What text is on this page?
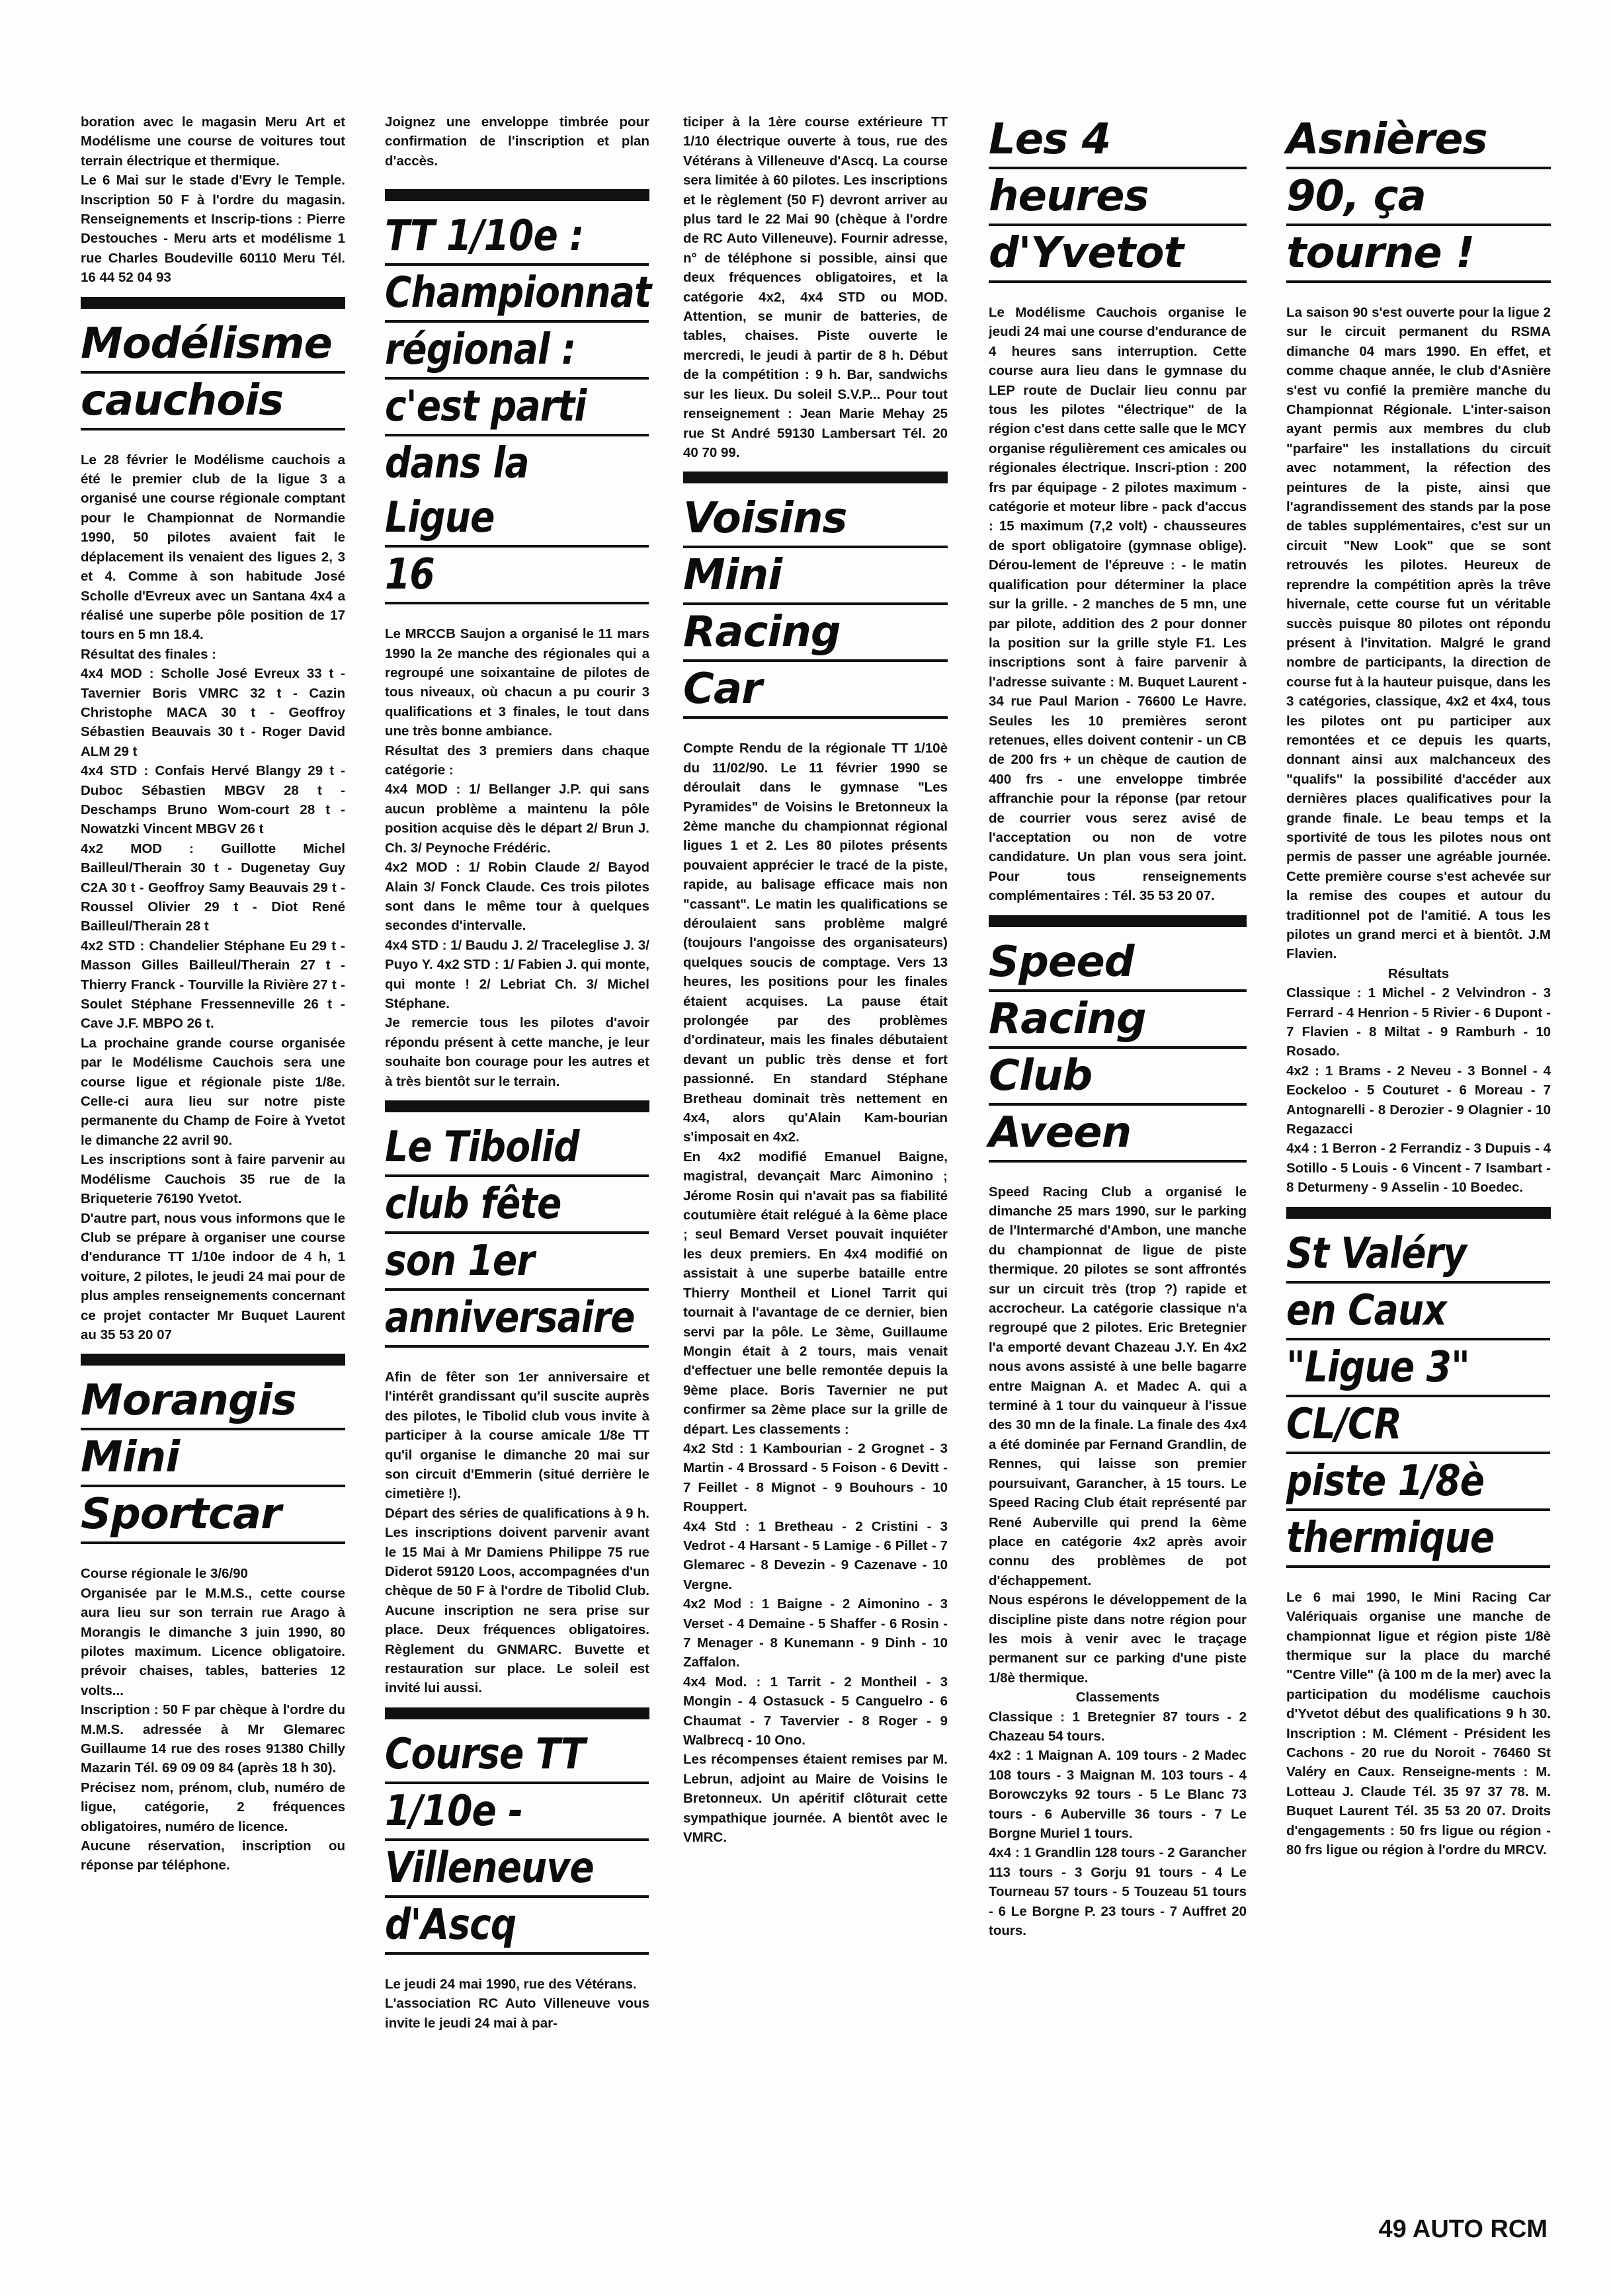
boration avec le magasin Meru Art et Modélisme une course de voitures tout terrain électrique et thermique.
Le 6 Mai sur le stade d'Evry le Temple. Inscription 50 F à l'ordre du magasin. Renseignements et Inscrip-tions : Pierre Destouches - Meru arts et modélisme 1 rue Charles Boudeville 60110 Meru Tél. 16 44 52 04 93

Modélisme
cauchois

Le 28 février le Modélisme cauchois a été le premier club de la ligue 3 a organisé une course régionale comptant pour le Championnat de Normandie 1990, 50 pilotes avaient fait le déplacement ils venaient des ligues 2, 3 et 4. Comme à son habitude José Scholle d'Evreux avec un Santana 4x4 a réalisé une superbe pôle position de 17 tours en 5 mn 18.4.
Résultat des finales :
4x4 MOD : Scholle José Evreux 33 t - Tavernier Boris VMRC 32 t - Cazin Christophe MACA 30 t - Geoffroy Sébastien Beauvais 30 t - Roger David ALM 29 t
4x4 STD : Confais Hervé Blangy 29 t - Duboc Sébastien MBGV 28 t - Deschamps Bruno Wom-court 28 t - Nowatzki Vincent MBGV 26 t
4x2 MOD : Guillotte Michel Bailleul/Therain 30 t - Dugenetay Guy C2A 30 t - Geoffroy Samy Beauvais 29 t - Roussel Olivier 29 t - Diot René Bailleul/Therain 28 t
4x2 STD : Chandelier Stéphane Eu 29 t - Masson Gilles Bailleul/Therain 27 t - Thierry Franck - Tourville la Rivière 27 t - Soulet Stéphane Fressenneville 26 t - Cave J.F. MBPO 26 t.
La prochaine grande course organisée par le Modélisme Cauchois sera une course ligue et régionale piste 1/8e. Celle-ci aura lieu sur notre piste permanente du Champ de Foire à Yvetot le dimanche 22 avril 90.
Les inscriptions sont à faire parvenir au Modélisme Cauchois 35 rue de la Briqueterie 76190 Yvetot.
D'autre part, nous vous informons que le Club se prépare à organiser une course d'endurance TT 1/10e indoor de 4 h, 1 voiture, 2 pilotes, le jeudi 24 mai pour de plus amples renseignements concernant ce projet contacter Mr Buquet Laurent au 35 53 20 07

Morangis
Mini
Sportcar

Course régionale le 3/6/90
Organisée par le M.M.S., cette course aura lieu sur son terrain rue Arago à Morangis le dimanche 3 juin 1990, 80 pilotes maximum. Licence obligatoire. prévoir chaises, tables, batteries 12 volts...
Inscription : 50 F par chèque à l'ordre du M.M.S. adressée à Mr Glemarec Guillaume 14 rue des roses 91380 Chilly Mazarin Tél. 69 09 09 84 (après 18 h 30).
Précisez nom, prénom, club, numéro de ligue, catégorie, 2 fréquences obligatoires, numéro de licence.
Aucune réservation, inscription ou réponse par téléphone.

Joignez une enveloppe timbrée pour confirmation de l'inscription et plan d'accès.

TT 1/10e :
Championnat
régional :
c'est parti
dans la Ligue
16

Le MRCCB Saujon a organisé le 11 mars 1990 la 2e manche des régionales qui a regroupé une soixantaine de pilotes de tous niveaux, où chacun a pu courir 3 qualifications et 3 finales, le tout dans une très bonne ambiance.
Résultat des 3 premiers dans chaque catégorie :
4x4 MOD : 1/ Bellanger J.P. qui sans aucun problème a maintenu la pôle position acquise dès le départ 2/ Brun J. Ch. 3/ Peynoche Frédéric.
4x2 MOD : 1/ Robin Claude 2/ Bayod Alain 3/ Fonck Claude. Ces trois pilotes sont dans le même tour à quelques secondes d'intervalle.
4x4 STD : 1/ Baudu J. 2/ Traceleglise J. 3/ Puyo Y. 4x2 STD : 1/ Fabien J. qui monte, qui monte ! 2/ Lebriat Ch. 3/ Michel Stéphane.
Je remercie tous les pilotes d'avoir répondu présent à cette manche, je leur souhaite bon courage pour les autres et à très bientôt sur le terrain.

Le Tibolid
club fête
son 1er
anniversaire

Afin de fêter son 1er anniversaire et l'intérêt grandissant qu'il suscite auprès des pilotes, le Tibolid club vous invite à participer à la course amicale 1/8e TT qu'il organise le dimanche 20 mai sur son circuit d'Emmerin (situé derrière le cimetière !).
Départ des séries de qualifications à 9 h. Les inscriptions doivent parvenir avant le 15 Mai à Mr Damiens Philippe 75 rue Diderot 59120 Loos, accompagnées d'un chèque de 50 F à l'ordre de Tibolid Club. Aucune inscription ne sera prise sur place. Deux fréquences obligatoires. Règlement du GNMARC. Buvette et restauration sur place. Le soleil est invité lui aussi.

Course TT
1/10e -
Villeneuve
d'Ascq

Le jeudi 24 mai 1990, rue des Vétérans.
L'association RC Auto Villeneuve vous invite le jeudi 24 mai à par-

ticiper à la 1ère course extérieure TT 1/10 électrique ouverte à tous, rue des Vétérans à Villeneuve d'Ascq. La course sera limitée à 60 pilotes. Les inscriptions et le règlement (50 F) devront arriver au plus tard le 22 Mai 90 (chèque à l'ordre de RC Auto Villeneuve). Fournir adresse, n° de téléphone si possible, ainsi que deux fréquences obligatoires, et la catégorie 4x2, 4x4 STD ou MOD. Attention, se munir de batteries, de tables, chaises. Piste ouverte le mercredi, le jeudi à partir de 8 h. Début de la compétition : 9 h. Bar, sandwichs sur les lieux. Du soleil S.V.P... Pour tout renseignement : Jean Marie Mehay 25 rue St André 59130 Lambersart Tél. 20 40 70 99.

Voisins
Mini
Racing
Car

Compte Rendu de la régionale TT 1/10è du 11/02/90. Le 11 février 1990 se déroulait dans le gymnase "Les Pyramides" de Voisins le Bretonneux la 2ème manche du championnat régional ligues 1 et 2. Les 80 pilotes présents pouvaient apprécier le tracé de la piste, rapide, au balisage efficace mais non "cassant". Le matin les qualifications se déroulaient sans problème malgré (toujours l'angoisse des organisateurs) quelques soucis de comptage. Vers 13 heures, les positions pour les finales étaient acquises. La pause était prolongée par des problèmes d'ordinateur, mais les finales débutaient devant un public très dense et fort passionné. En standard Stéphane Bretheau dominait très nettement en 4x4, alors qu'Alain Kam-bourian s'imposait en 4x2.
En 4x2 modifié Emanuel Baigne, magistral, devançait Marc Aimonino ; Jérome Rosin qui n'avait pas sa fiabilité coutumière était relégué à la 6ème place ; seul Bemard Verset pouvait inquiéter les deux premiers. En 4x4 modifié on assistait à une superbe bataille entre Thierry Montheil et Lionel Tarrit qui tournait à l'avantage de ce dernier, bien servi par la pôle. Le 3ème, Guillaume Mongin était à 2 tours, mais venait d'effectuer une belle remontée depuis la 9ème place. Boris Tavernier ne put confirmer sa 2ème place sur la grille de départ. Les classements :
4x2 Std : 1 Kambourian - 2 Grognet - 3 Martin - 4 Brossard - 5 Foison - 6 Devitt - 7 Feillet - 8 Mignot - 9 Bouhours - 10 Rouppert.
4x4 Std : 1 Bretheau - 2 Cristini - 3 Vedrot - 4 Harsant - 5 Lamige - 6 Pillet - 7 Glemarec - 8 Devezin - 9 Cazenave - 10 Vergne.
4x2 Mod : 1 Baigne - 2 Aimonino - 3 Verset - 4 Demaine - 5 Shaffer - 6 Rosin - 7 Menager - 8 Kunemann - 9 Dinh - 10 Zaffalon.
4x4 Mod. : 1 Tarrit - 2 Montheil - 3 Mongin - 4 Ostasuck - 5 Canguelro - 6 Chaumat - 7 Tavervier - 8 Roger - 9 Walbrecq - 10 Ono.
Les récompenses étaient remises par M. Lebrun, adjoint au Maire de Voisins le Bretonneux. Un apéritif clôturait cette sympathique journée. A bientôt avec le VMRC.

Les 4
heures
d'Yvetot

Le Modélisme Cauchois organise le jeudi 24 mai une course d'endurance de 4 heures sans interruption. Cette course aura lieu dans le gymnase du LEP route de Duclair lieu connu par tous les pilotes "électrique" de la région c'est dans cette salle que le MCY organise régulièrement ces amicales ou régionales électrique. Inscri-ption : 200 frs par équipage - 2 pilotes maximum - catégorie et moteur libre - pack d'accus : 15 maximum (7,2 volt) - chausseures de sport obligatoire (gymnase oblige). Dérou-lement de l'épreuve : - le matin qualification pour déterminer la place sur la grille. - 2 manches de 5 mn, une par pilote, addition des 2 pour donner la position sur la grille style F1. Les inscriptions sont à faire parvenir à l'adresse suivante : M. Buquet Laurent - 34 rue Paul Marion - 76600 Le Havre. Seules les 10 premières seront retenues, elles doivent contenir - un CB de 200 frs + un chèque de caution de 400 frs - une enveloppe timbrée affranchie pour la réponse (par retour de courrier vous serez avisé de l'acceptation ou non de votre candidature. Un plan vous sera joint. Pour tous renseignements complémentaires : Tél. 35 53 20 07.

Speed
Racing
Club
Aveen

Speed Racing Club a organisé le dimanche 25 mars 1990, sur le parking de l'Intermarché d'Ambon, une manche du championnat de ligue de piste thermique. 20 pilotes se sont affrontés sur un circuit très (trop ?) rapide et accrocheur. La catégorie classique n'a regroupé que 2 pilotes. Eric Bretegnier l'a emporté devant Chazeau J.Y. En 4x2 nous avons assisté à une belle bagarre entre Maignan A. et Madec A. qui a terminé à 1 tour du vainqueur à l'issue des 30 mn de la finale. La finale des 4x4 a été dominée par Fernand Grandlin, de Rennes, qui laisse son premier poursuivant, Garancher, à 15 tours. Le Speed Racing Club était représenté par René Auberville qui prend la 6ème place en catégorie 4x2 après avoir connu des problèmes de pot d'échappement.
Nous espérons le développement de la discipline piste dans notre région pour les mois à venir avec le traçage permanent sur ce parking d'une piste 1/8è thermique.

Classements

Classique : 1 Bretegnier 87 tours - 2 Chazeau 54 tours.
4x2 : 1 Maignan A. 109 tours - 2 Madec 108 tours - 3 Maignan M. 103 tours - 4 Borowczyks 92 tours - 5 Le Blanc 73 tours - 6 Auberville 36 tours - 7 Le Borgne Muriel 1 tours.
4x4 : 1 Grandlin 128 tours - 2 Garancher 113 tours - 3 Gorju 91 tours - 4 Le Tourneau 57 tours - 5 Touzeau 51 tours - 6 Le Borgne P. 23 tours - 7 Auffret 20 tours.

Asnières
90, ça
tourne !

La saison 90 s'est ouverte pour la ligue 2 sur le circuit permanent du RSMA dimanche 04 mars 1990. En effet, et comme chaque année, le club d'Asnière s'est vu confié la première manche du Championnat Régionale. L'inter-saison ayant permis aux membres du club "parfaire" les installations du circuit avec notamment, la réfection des peintures de la piste, ainsi que l'agrandissement des stands par la pose de tables supplémentaires, c'est sur un circuit "New Look" que se sont retrouvés les pilotes. Heureux de reprendre la compétition après la trêve hivernale, cette course fut un véritable succès puisque 80 pilotes ont répondu présent à l'invitation. Malgré le grand nombre de participants, la direction de course fut à la hauteur puisque, dans les 3 catégories, classique, 4x2 et 4x4, tous les pilotes ont pu participer aux remontées et ce depuis les quarts, donnant ainsi aux malchanceux des "qualifs" la possibilité d'accéder aux dernières places qualificatives pour la grande finale. Le beau temps et la sportivité de tous les pilotes nous ont permis de passer une agréable journée. Cette première course s'est achevée sur la remise des coupes et autour du traditionnel pot de l'amitié. A tous les pilotes un grand merci et à bientôt. J.M Flavien.

Résultats

Classique : 1 Michel - 2 Velvindron - 3 Ferrard - 4 Henrion - 5 Rivier - 6 Dupont - 7 Flavien - 8 Miltat - 9 Ramburh - 10 Rosado.
4x2 : 1 Brams - 2 Neveu - 3 Bonnel - 4 Eockeloo - 5 Couturet - 6 Moreau - 7 Antognarelli - 8 Derozier - 9 Olagnier - 10 Regazacci
4x4 : 1 Berron - 2 Ferrandiz - 3 Dupuis - 4 Sotillo - 5 Louis - 6 Vincent - 7 Isambart - 8 Deturmeny - 9 Asselin - 10 Boedec.

St Valéry
en Caux
"Ligue 3"
CL/CR
piste 1/8è
thermique

Le 6 mai 1990, le Mini Racing Car Valériquais organise une manche de championnat ligue et région piste 1/8è thermique sur la place du marché "Centre Ville" (à 100 m de la mer) avec la participation du modélisme cauchois d'Yvetot début des qualifications 9 h 30. Inscription : M. Clément - Président les Cachons - 20 rue du Noroit - 76460 St Valéry en Caux. Renseigne-ments : M. Lotteau J. Claude Tél. 35 97 37 78. M. Buquet Laurent Tél. 35 53 20 07. Droits d'engagements : 50 frs ligue ou région - 80 frs ligue ou région à l'ordre du MRCV.

49 AUTO RCM
